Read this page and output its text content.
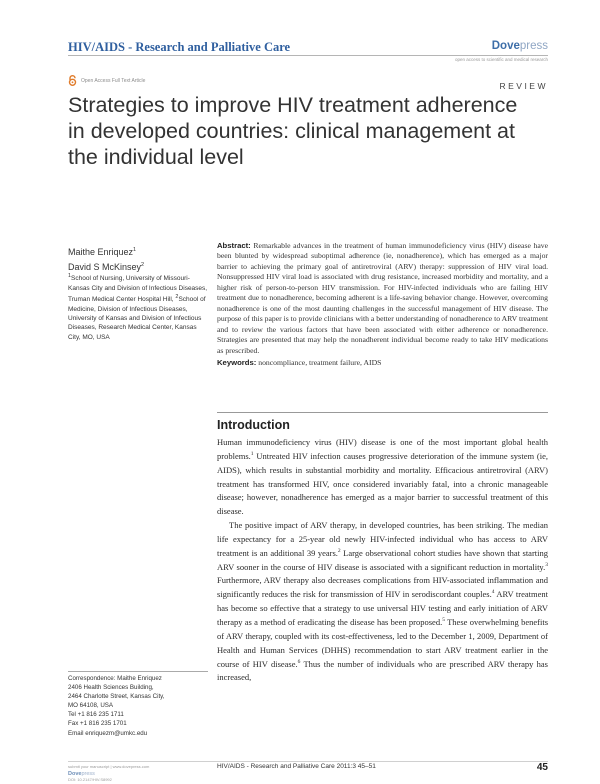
HIV/AIDS - Research and Palliative Care	Dovepress
open access to scientific and medical research
Open Access Full Text Article
REVIEW
Strategies to improve HIV treatment adherence in developed countries: clinical management at the individual level
Maithe Enriquez$^1$
David S McKinsey$^2$
$^1$School of Nursing, University of Missouri-Kansas City and Division of Infectious Diseases, Truman Medical Center Hospital Hill, $^2$School of Medicine, Division of Infectious Diseases, University of Kansas and Division of Infectious Diseases, Research Medical Center, Kansas City, MO, USA

Abstract: Remarkable advances in the treatment of human immunodeficiency virus (HIV) disease have been blunted by widespread suboptimal adherence (ie, nonadherence), which has emerged as a major barrier to achieving the primary goal of antiretroviral (ARV) therapy: suppression of HIV viral load. Nonsuppressed HIV viral load is associated with drug resistance, increased morbidity and mortality, and a higher risk of person-to-person HIV transmission. For HIV-infected individuals who are failing HIV treatment due to nonadherence, becoming adherent is a life-saving behavior change. However, overcoming nonadherence is one of the most daunting challenges in the successful management of HIV disease. The purpose of this paper is to provide clinicians with a better understanding of nonadherence to ARV treatment and to review the various factors that have been associated with either adherence or nonadherence. Strategies are presented that may help the nonadherent individual become ready to take HIV medications as prescribed.

Keywords: noncompliance, treatment failure, AIDS

Introduction

Human immunodeficiency virus (HIV) disease is one of the most important global health problems.$^1$ Untreated HIV infection causes progressive deterioration of the immune system (ie, AIDS), which results in substantial morbidity and mortality. Efficacious antiretroviral (ARV) treatment has transformed HIV, once considered invariably fatal, into a chronic manageable disease; however, nonadherence has emerged as a major barrier to successful treatment of this disease.

The positive impact of ARV therapy, in developed countries, has been striking. The median life expectancy for a 25-year old newly HIV-infected individual who has access to ARV treatment is an additional 39 years.$^2$ Large observational cohort studies have shown that starting ARV sooner in the course of HIV disease is associated with a significant reduction in mortality.$^3$ Furthermore, ARV therapy also decreases complications from HIV-associated inflammation and significantly reduces the risk for transmission of HIV in serodiscordant couples.$^4$ ARV treatment has become so effective that a strategy to use universal HIV testing and early initiation of ARV therapy as a method of eradicating the disease has been proposed.$^5$ These overwhelming benefits of ARV therapy, coupled with its cost-effectiveness, led to the December 1, 2009, Department of Health and Human Services (DHHS) recommendation to start ARV treatment earlier in the course of HIV disease.$^6$ Thus the number of individuals who are prescribed ARV therapy has increased,

Correspondence: Maithe Enriquez
2406 Health Sciences Building,
2464 Charlotte Street, Kansas City,
MO 64108, USA
Tel +1 816 235 1711
Fax +1 816 235 1701
Email enriquezm@umkc.edu
submit your manuscript | www.dovepress.com
Dovepress
DOI: 10.2147/HIV.S8992
HIV/AIDS - Research and Palliative Care 2011:3 45–51	45
